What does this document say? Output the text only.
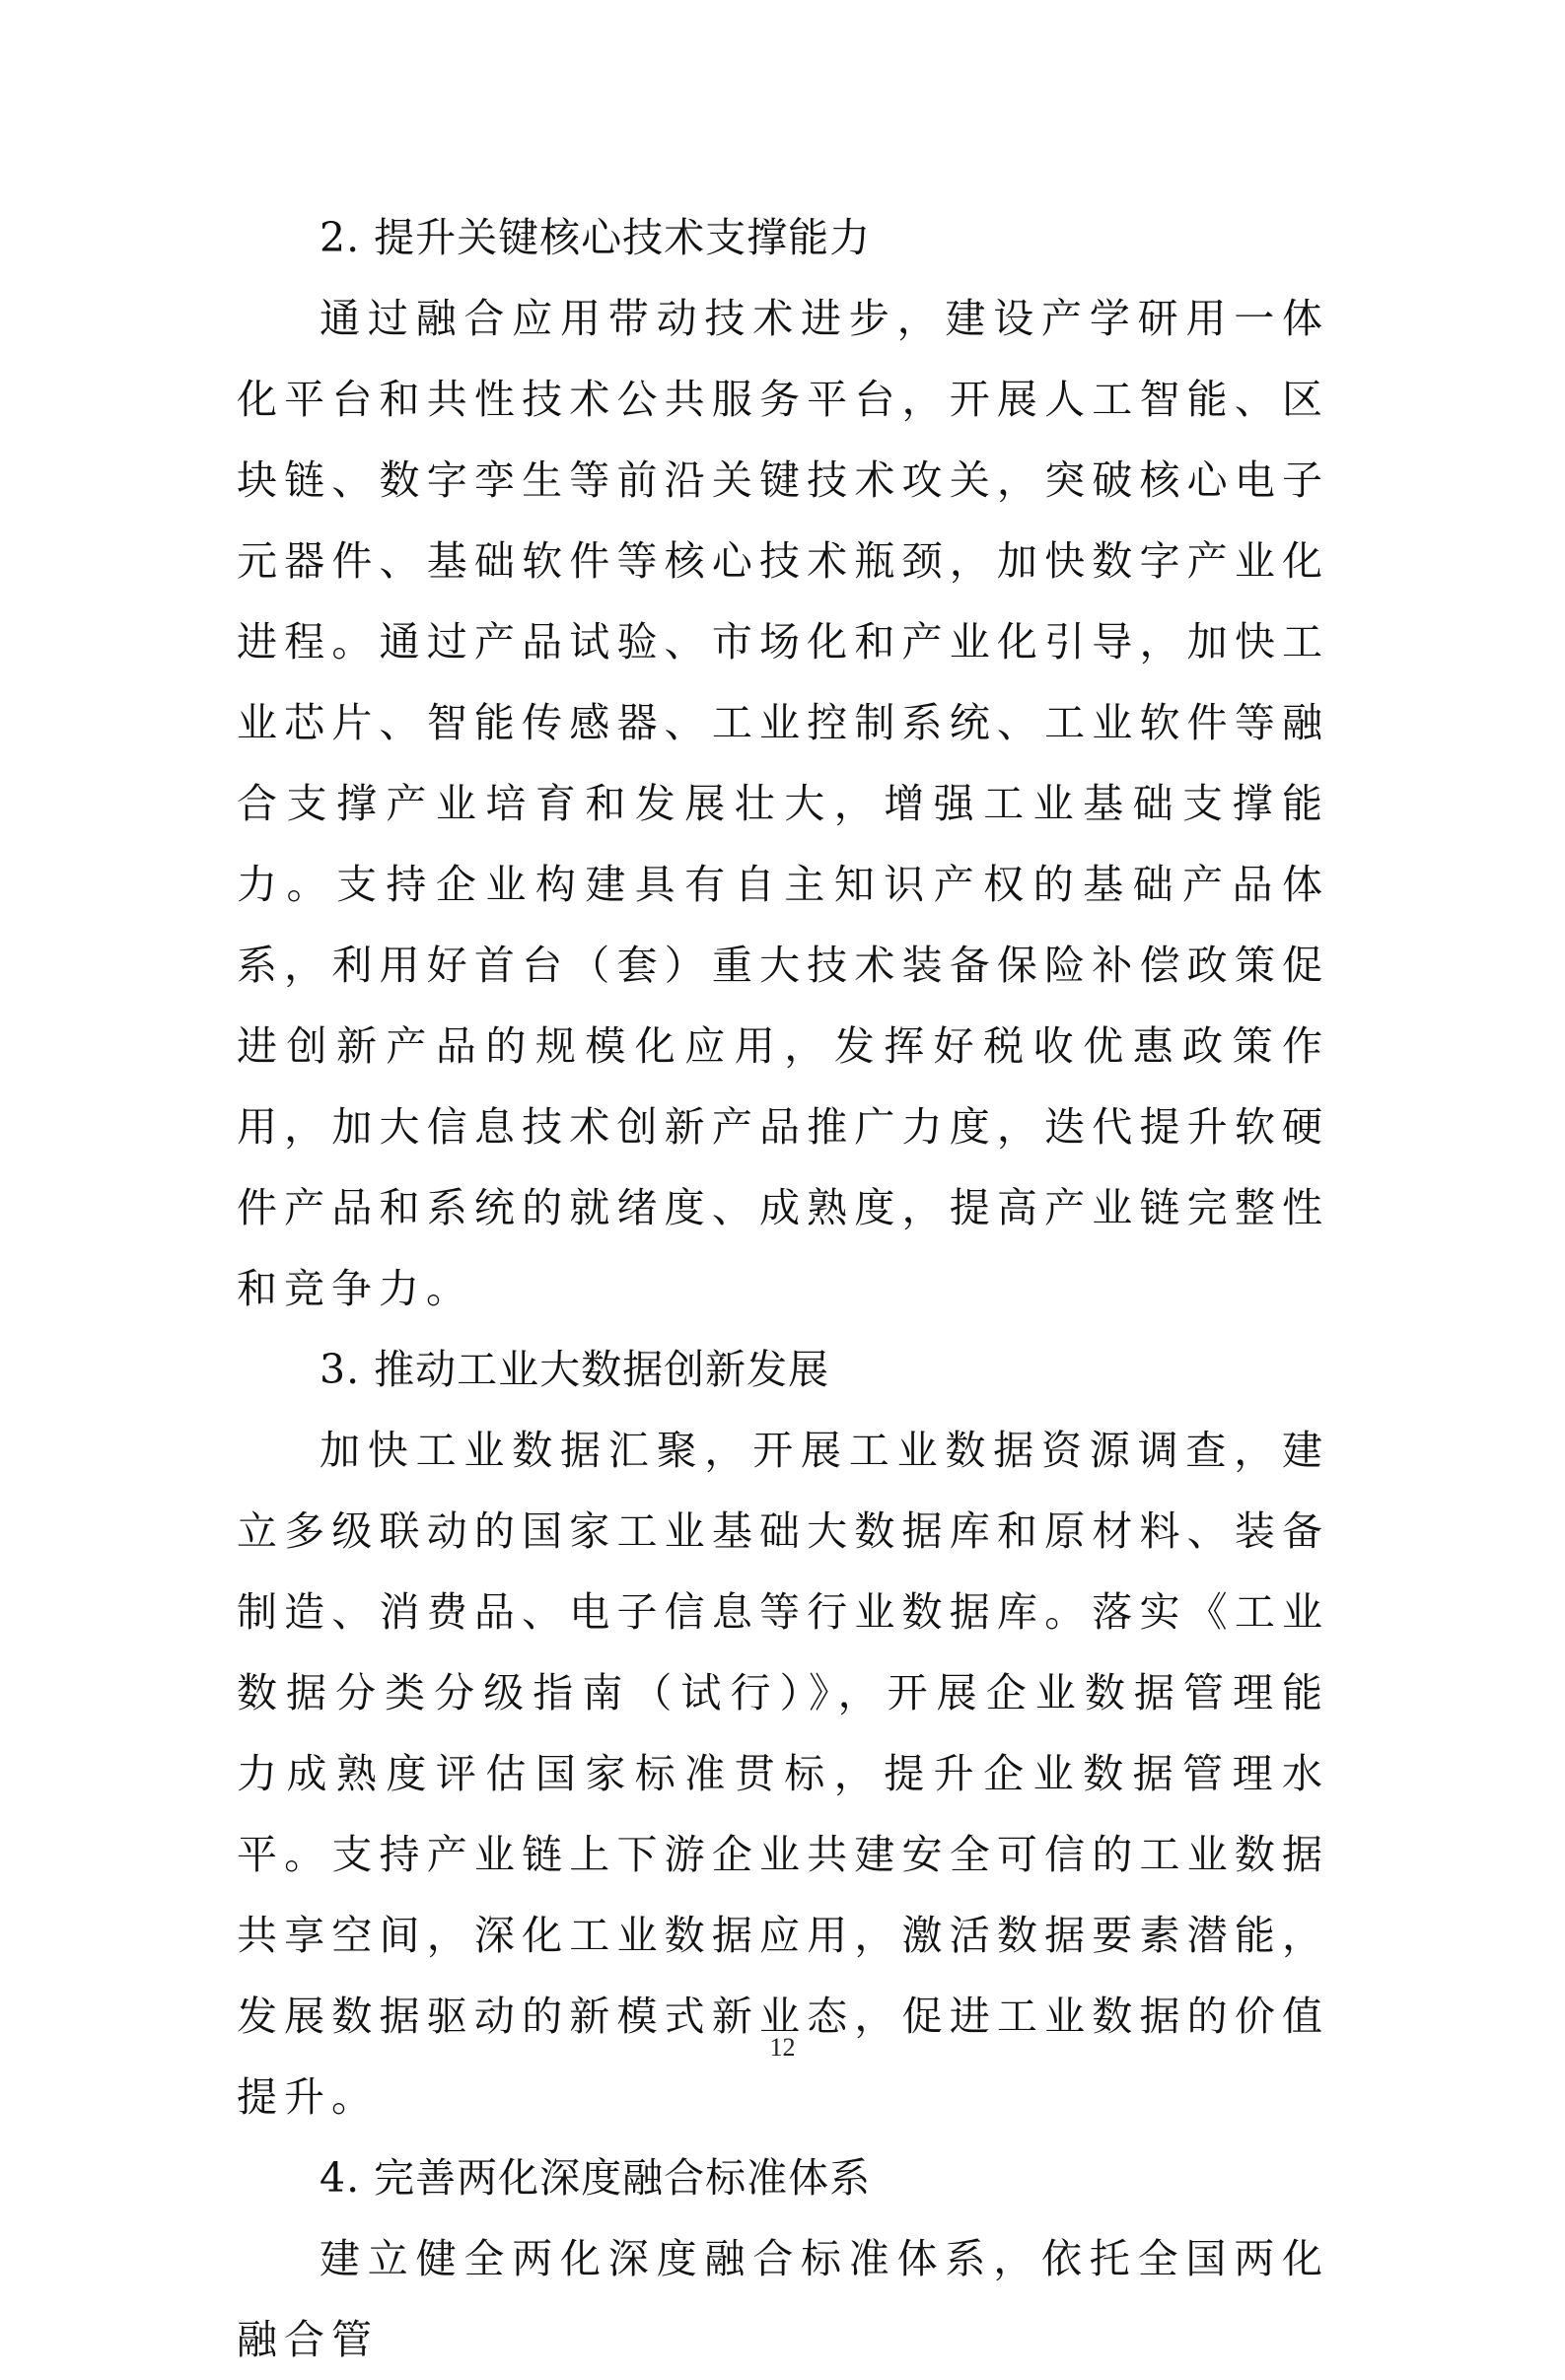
2. 提升关键核心技术支撑能力

通过融合应用带动技术进步，建设产学研用一体化平台和共性技术公共服务平台，开展人工智能、区块链、数字孪生等前沿关键技术攻关，突破核心电子元器件、基础软件等核心技术瓶颈，加快数字产业化进程。通过产品试验、市场化和产业化引导，加快工业芯片、智能传感器、工业控制系统、工业软件等融合支撑产业培育和发展壮大，增强工业基础支撑能力。支持企业构建具有自主知识产权的基础产品体系，利用好首台（套）重大技术装备保险补偿政策促进创新产品的规模化应用，发挥好税收优惠政策作用，加大信息技术创新产品推广力度，迭代提升软硬件产品和系统的就绪度、成熟度，提高产业链完整性和竞争力。

3. 推动工业大数据创新发展

加快工业数据汇聚，开展工业数据资源调查，建立多级联动的国家工业基础大数据库和原材料、装备制造、消费品、电子信息等行业数据库。落实《工业数据分类分级指南（试行）》，开展企业数据管理能力成熟度评估国家标准贯标，提升企业数据管理水平。支持产业链上下游企业共建安全可信的工业数据共享空间，深化工业数据应用，激活数据要素潜能，发展数据驱动的新模式新业态，促进工业数据的价值提升。

4. 完善两化深度融合标准体系

建立健全两化深度融合标准体系，依托全国两化融合管

12
